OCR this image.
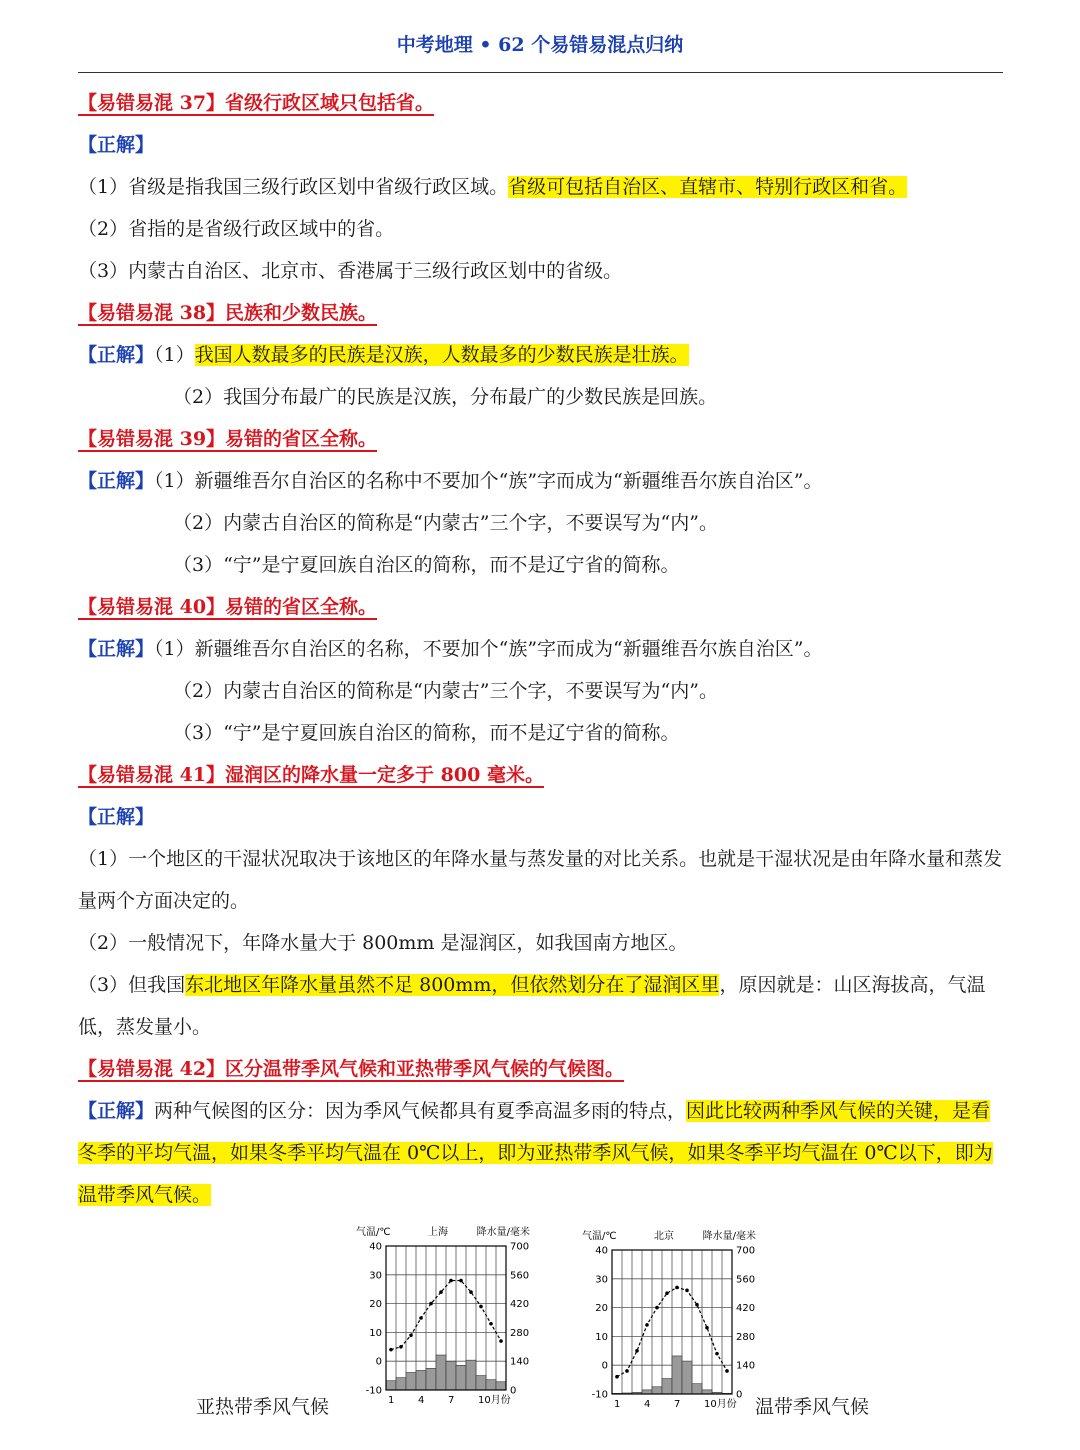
中考地理 • 62 个易错易混点归纳

【易错易混 37】省级行政区域只包括省。

【正解】

（1）省级是指我国三级行政区划中省级行政区域。省级可包括自治区、直辖市、特别行政区和省。

（2）省指的是省级行政区域中的省。

（3）内蒙古自治区、北京市、香港属于三级行政区划中的省级。

【易错易混 38】民族和少数民族。

【正解】（1）我国人数最多的民族是汉族，人数最多的少数民族是壮族。

（2）我国分布最广的民族是汉族，分布最广的少数民族是回族。

【易错易混 39】易错的省区全称。

【正解】（1）新疆维吾尔自治区的名称中不要加个“族”字而成为“新疆维吾尔族自治区”。

（2）内蒙古自治区的简称是“内蒙古”三个字，不要误写为“内”。

（3）“宁”是宁夏回族自治区的简称，而不是辽宁省的简称。

【易错易混 40】易错的省区全称。

【正解】（1）新疆维吾尔自治区的名称，不要加个“族”字而成为“新疆维吾尔族自治区”。

（2）内蒙古自治区的简称是“内蒙古”三个字，不要误写为“内”。

（3）“宁”是宁夏回族自治区的简称，而不是辽宁省的简称。

【易错易混 41】湿润区的降水量一定多于 800 毫米。

【正解】

（1）一个地区的干湿状况取决于该地区的年降水量与蒸发量的对比关系。也就是干湿状况是由年降水量和蒸发量两个方面决定的。

（2）一般情况下，年降水量大于 800mm 是湿润区，如我国南方地区。

（3）但我国东北地区年降水量虽然不足 800mm，但依然划分在了湿润区里，原因就是：山区海拔高，气温低，蒸发量小。

【易错易混 42】区分温带季风气候和亚热带季风气候的气候图。

【正解】两种气候图的区分：因为季风气候都具有夏季高温多雨的特点，因此比较两种季风气候的关键，是看冬季的平均气温，如果冬季平均气温在 0℃以上，即为亚热带季风气候，如果冬季平均气温在 0℃以下，即为温带季风气候。

气温/℃	上海	降水量/毫米
40
30
20
10
0
-10
700
560
420
280
140
0
1 4 7 10月份
气温/℃	北京	降水量/毫米
40
30
20
10
0
-10
700
560
420
280
140
0
1 4 7 10月份
亚热带季风气候	温带季风气候
